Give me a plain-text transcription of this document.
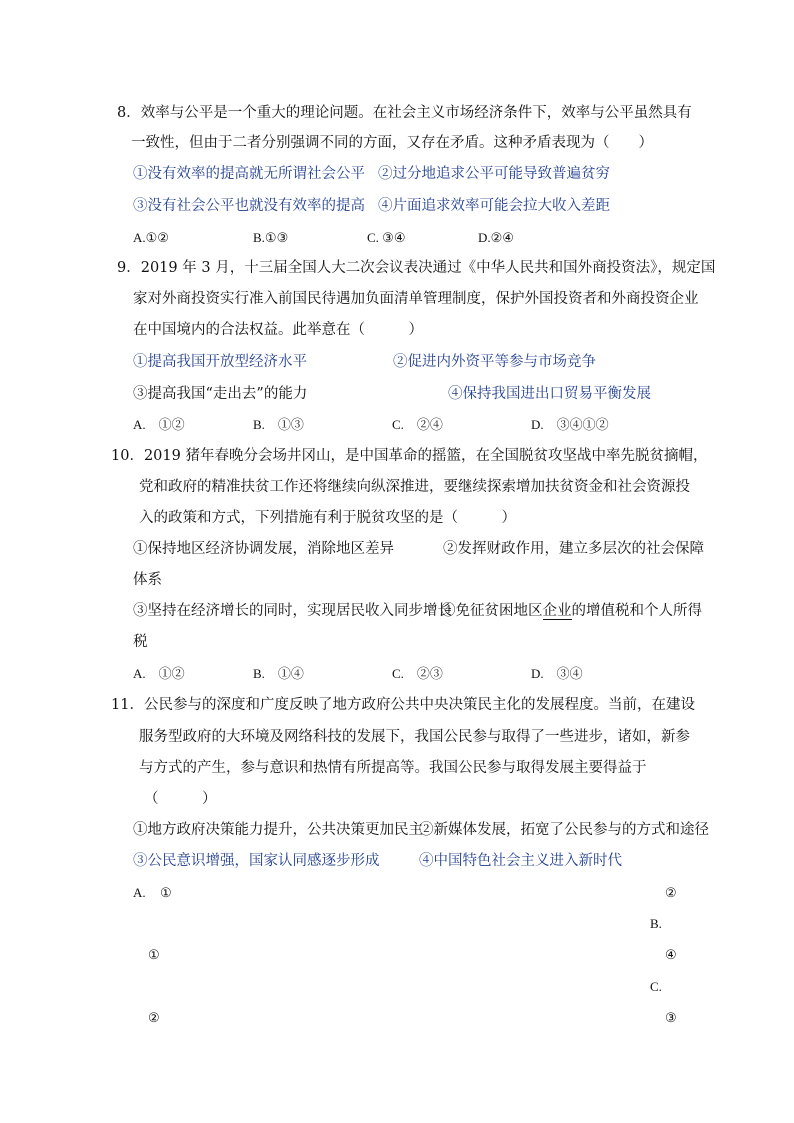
8．效率与公平是一个重大的理论问题。在社会主义市场经济条件下，效率与公平虽然具有
一致性，但由于二者分别强调不同的方面，又存在矛盾。这种矛盾表现为（　　）
①没有效率的提高就无所谓社会公平 ②过分地追求公平可能导致普遍贫穷
③没有社会公平也就没有效率的提高 ④片面追求效率可能会拉大收入差距
A.①②	B.①③	C. ③④	D.②④
9．2019 年 3 月，十三届全国人大二次会议表决通过《中华人民共和国外商投资法》，规定国
家对外商投资实行准入前国民待遇加负面清单管理制度，保护外国投资者和外商投资企业
在中国境内的合法权益。此举意在（　　　）
①提高我国开放型经济水平	②促进内外资平等参与市场竞争
③提高我国“走出去”的能力	④保持我国进出口贸易平衡发展
A.　①②	B.　①③	C.　②④	D.　③④①②
10．2019 猪年春晚分会场井冈山，是中国革命的摇篮，在全国脱贫攻坚战中率先脱贫摘帽，
党和政府的精准扶贫工作还将继续向纵深推进，要继续探索增加扶贫资金和社会资源投
入的政策和方式，下列措施有利于脱贫攻坚的是（　　　）
①保持地区经济协调发展，消除地区差异	②发挥财政作用，建立多层次的社会保障
体系
③坚持在经济增长的同时，实现居民收入同步增长
④免征贫困地区企业的增值税和个人所得
税
A.　①②	B.　①④	C.　②③	D.　③④
11．公民参与的深度和广度反映了地方政府公共中央决策民主化的发展程度。当前，在建设
服务型政府的大环境及网络科技的发展下，我国公民参与取得了一些进步，诸如，新参
与方式的产生，参与意识和热情有所提高等。我国公民参与取得发展主要得益于
（　　　）
①地方政府决策能力提升，公共决策更加民主
②新媒体发展，拓宽了公民参与的方式和途径
③公民意识增强，国家认同感逐步形成	④中国特色社会主义进入新时代
A. ①	②
B.
①	④
C.
②	③
